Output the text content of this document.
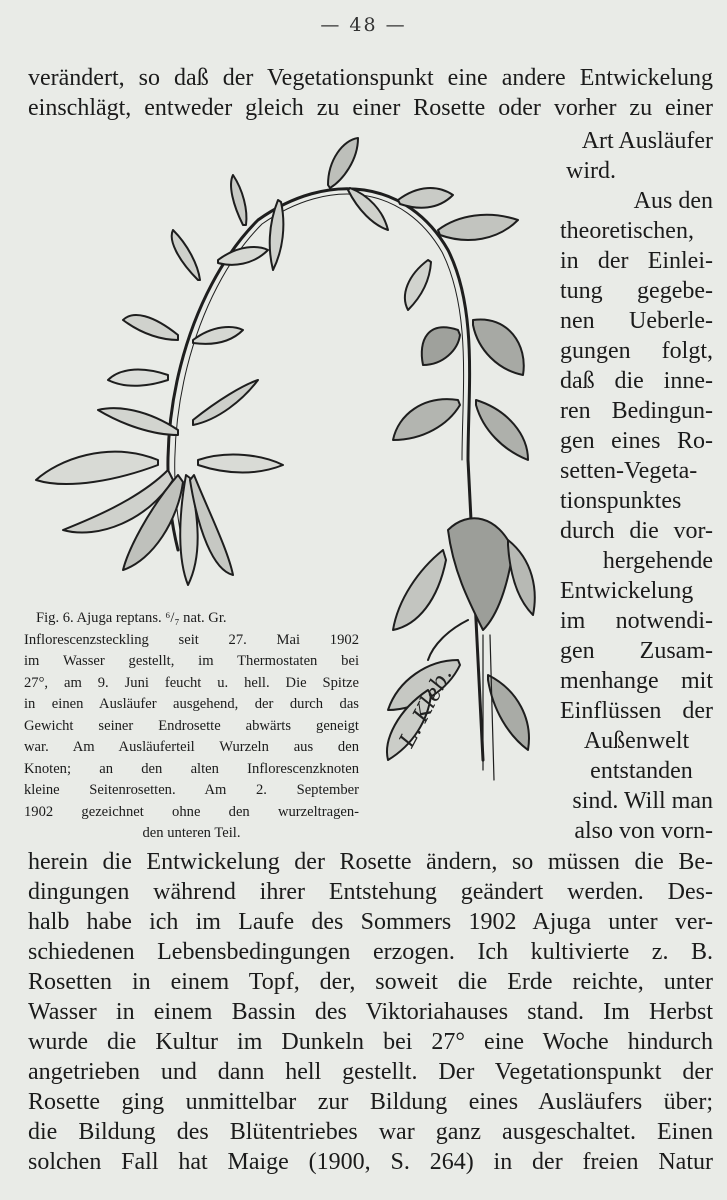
— 48 —
verändert, so daß der Vegetationspunkt eine andere Entwickelung
einschlägt, entweder gleich zu einer Rosette oder vorher zu einer
Art Ausläufer
wird.
Aus den
theoretischen,
in der Einlei-
tung gegebe-
nen Ueberle-
gungen folgt,
daß die inne-
ren Bedingun-
gen eines Ro-
setten-Vegeta-
tionspunktes
durch die vor-
hergehende
Entwickelung
im notwendi-
gen Zusam-
menhange mit
Einflüssen der
Außenwelt
entstanden
sind. Will man
also von vorn-
herein die Entwickelung der Rosette ändern, so müssen die Be-
dingungen während ihrer Entstehung geändert werden. Des-
halb habe ich im Laufe des Sommers 1902 Ajuga unter ver-
schiedenen Lebensbedingungen erzogen. Ich kultivierte z. B.
Rosetten in einem Topf, der, soweit die Erde reichte, unter
Wasser in einem Bassin des Viktoriahauses stand. Im Herbst
wurde die Kultur im Dunkeln bei 27° eine Woche hindurch
angetrieben und dann hell gestellt. Der Vegetationspunkt der
Rosette ging unmittelbar zur Bildung eines Ausläufers über;
die Bildung des Blütentriebes war ganz ausgeschaltet. Einen
solchen Fall hat Maige (1900, S. 264) in der freien Natur
L. Kleb.
Fig. 6. Ajuga reptans. ⁶/₇ nat. Gr.
Inflorescenzsteckling seit 27. Mai 1902
im Wasser gestellt, im Thermostaten bei
27°, am 9. Juni feucht u. hell. Die Spitze
in einen Ausläufer ausgehend, der durch das
Gewicht seiner Endrosette abwärts geneigt
war. Am Ausläuferteil Wurzeln aus den
Knoten; an den alten Inflorescenzknoten
kleine Seitenrosetten. Am 2. September
1902 gezeichnet ohne den wurzeltragen-
den unteren Teil.
